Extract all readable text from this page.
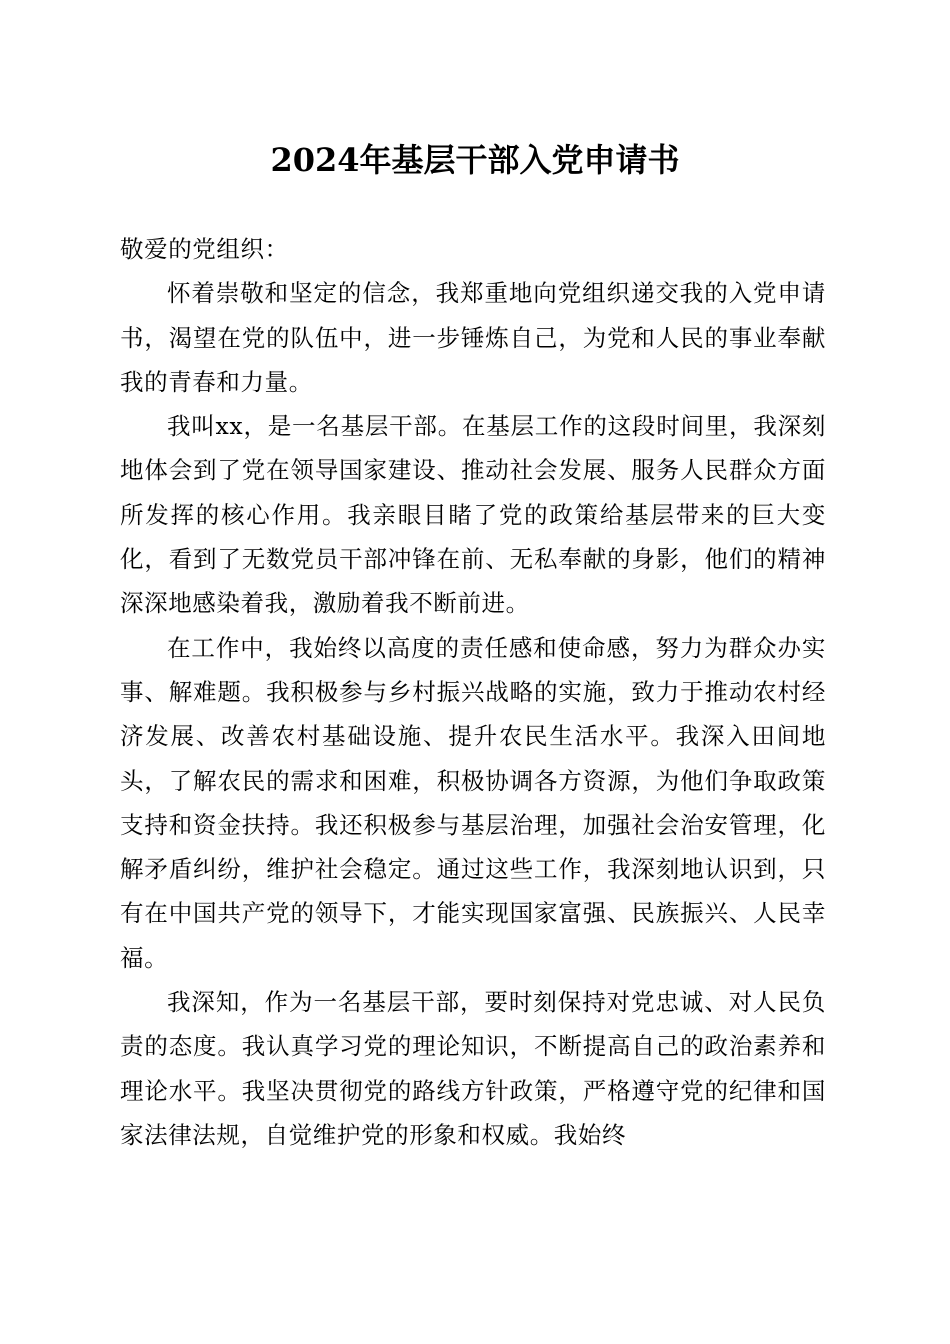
2024年基层干部入党申请书

敬爱的党组织：

怀着崇敬和坚定的信念，我郑重地向党组织递交我的入党申请书，渴望在党的队伍中，进一步锤炼自己，为党和人民的事业奉献我的青春和力量。

我叫xx，是一名基层干部。在基层工作的这段时间里，我深刻地体会到了党在领导国家建设、推动社会发展、服务人民群众方面所发挥的核心作用。我亲眼目睹了党的政策给基层带来的巨大变化，看到了无数党员干部冲锋在前、无私奉献的身影，他们的精神深深地感染着我，激励着我不断前进。

在工作中，我始终以高度的责任感和使命感，努力为群众办实事、解难题。我积极参与乡村振兴战略的实施，致力于推动农村经济发展、改善农村基础设施、提升农民生活水平。我深入田间地头，了解农民的需求和困难，积极协调各方资源，为他们争取政策支持和资金扶持。我还积极参与基层治理，加强社会治安管理，化解矛盾纠纷，维护社会稳定。通过这些工作，我深刻地认识到，只有在中国共产党的领导下，才能实现国家富强、民族振兴、人民幸福。

我深知，作为一名基层干部，要时刻保持对党忠诚、对人民负责的态度。我认真学习党的理论知识，不断提高自己的政治素养和理论水平。我坚决贯彻党的路线方针政策，严格遵守党的纪律和国家法律法规，自觉维护党的形象和权威。我始终
